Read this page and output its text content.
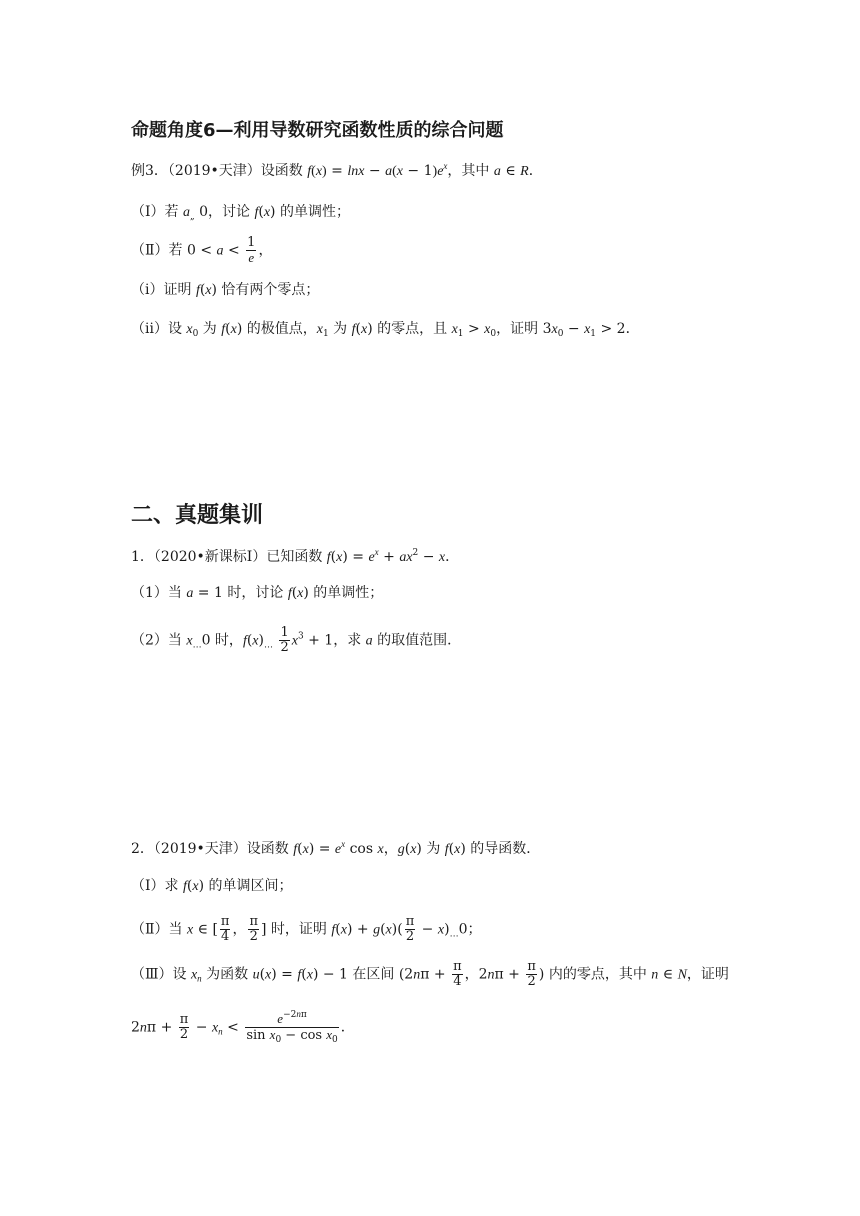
命题角度6—利用导数研究函数性质的综合问题
例3．（2019•天津）设函数 $f(x) = \ln x - a(x - 1)e^x$，其中 a ∈ R．
（Ⅰ）若 $a_„$ 0，讨论 f(x) 的单调性；
（Ⅱ）若 $0 < a < \frac{1}{e}$ ，
（ⅰ）证明 f(x) 恰有两个零点；
（ⅱ）设 $x_0$ 为 f(x) 的极值点，$x_1$ 为 f(x) 的零点，且 $x_1 > x_0$，证明 $3x_0 - x_1 > 2$．
二、真题集训
1．（2020•新课标Ⅰ）已知函数 $f(x) = e^x + ax^2 - x$．
（1）当 a = 1 时，讨论 f(x) 的单调性；
（2）当 $x_\dots 0$ 时，$f(x)_\dots \frac{1}{2} x^3 + 1$，求 a 的取值范围．
2．（2019•天津）设函数 $f(x) = e^x$ cos x，g(x) 为 f(x) 的导函数．
（Ⅰ）求 f(x) 的单调区间；
（Ⅱ）当 x ∈ [ $\frac{\pi}{4}$ ， $\frac{\pi}{2}$ ] 时，证明 $f(x) + g(x)( \frac{\pi}{2} - x)_\dots 0$；
（Ⅲ）设 $x_n$ 为函数 u(x) = f(x) − 1 在区间 ($2n\pi + \frac{\pi}{4}$ ，$2n\pi + \frac{\pi}{2}$ ) 内的零点，其中 n ∈ N，证明
$2n\pi + \frac{\pi}{2} - x_n < \frac{e^{-2n\pi}}{\sin x_0 - \cos x_0}$ ．
